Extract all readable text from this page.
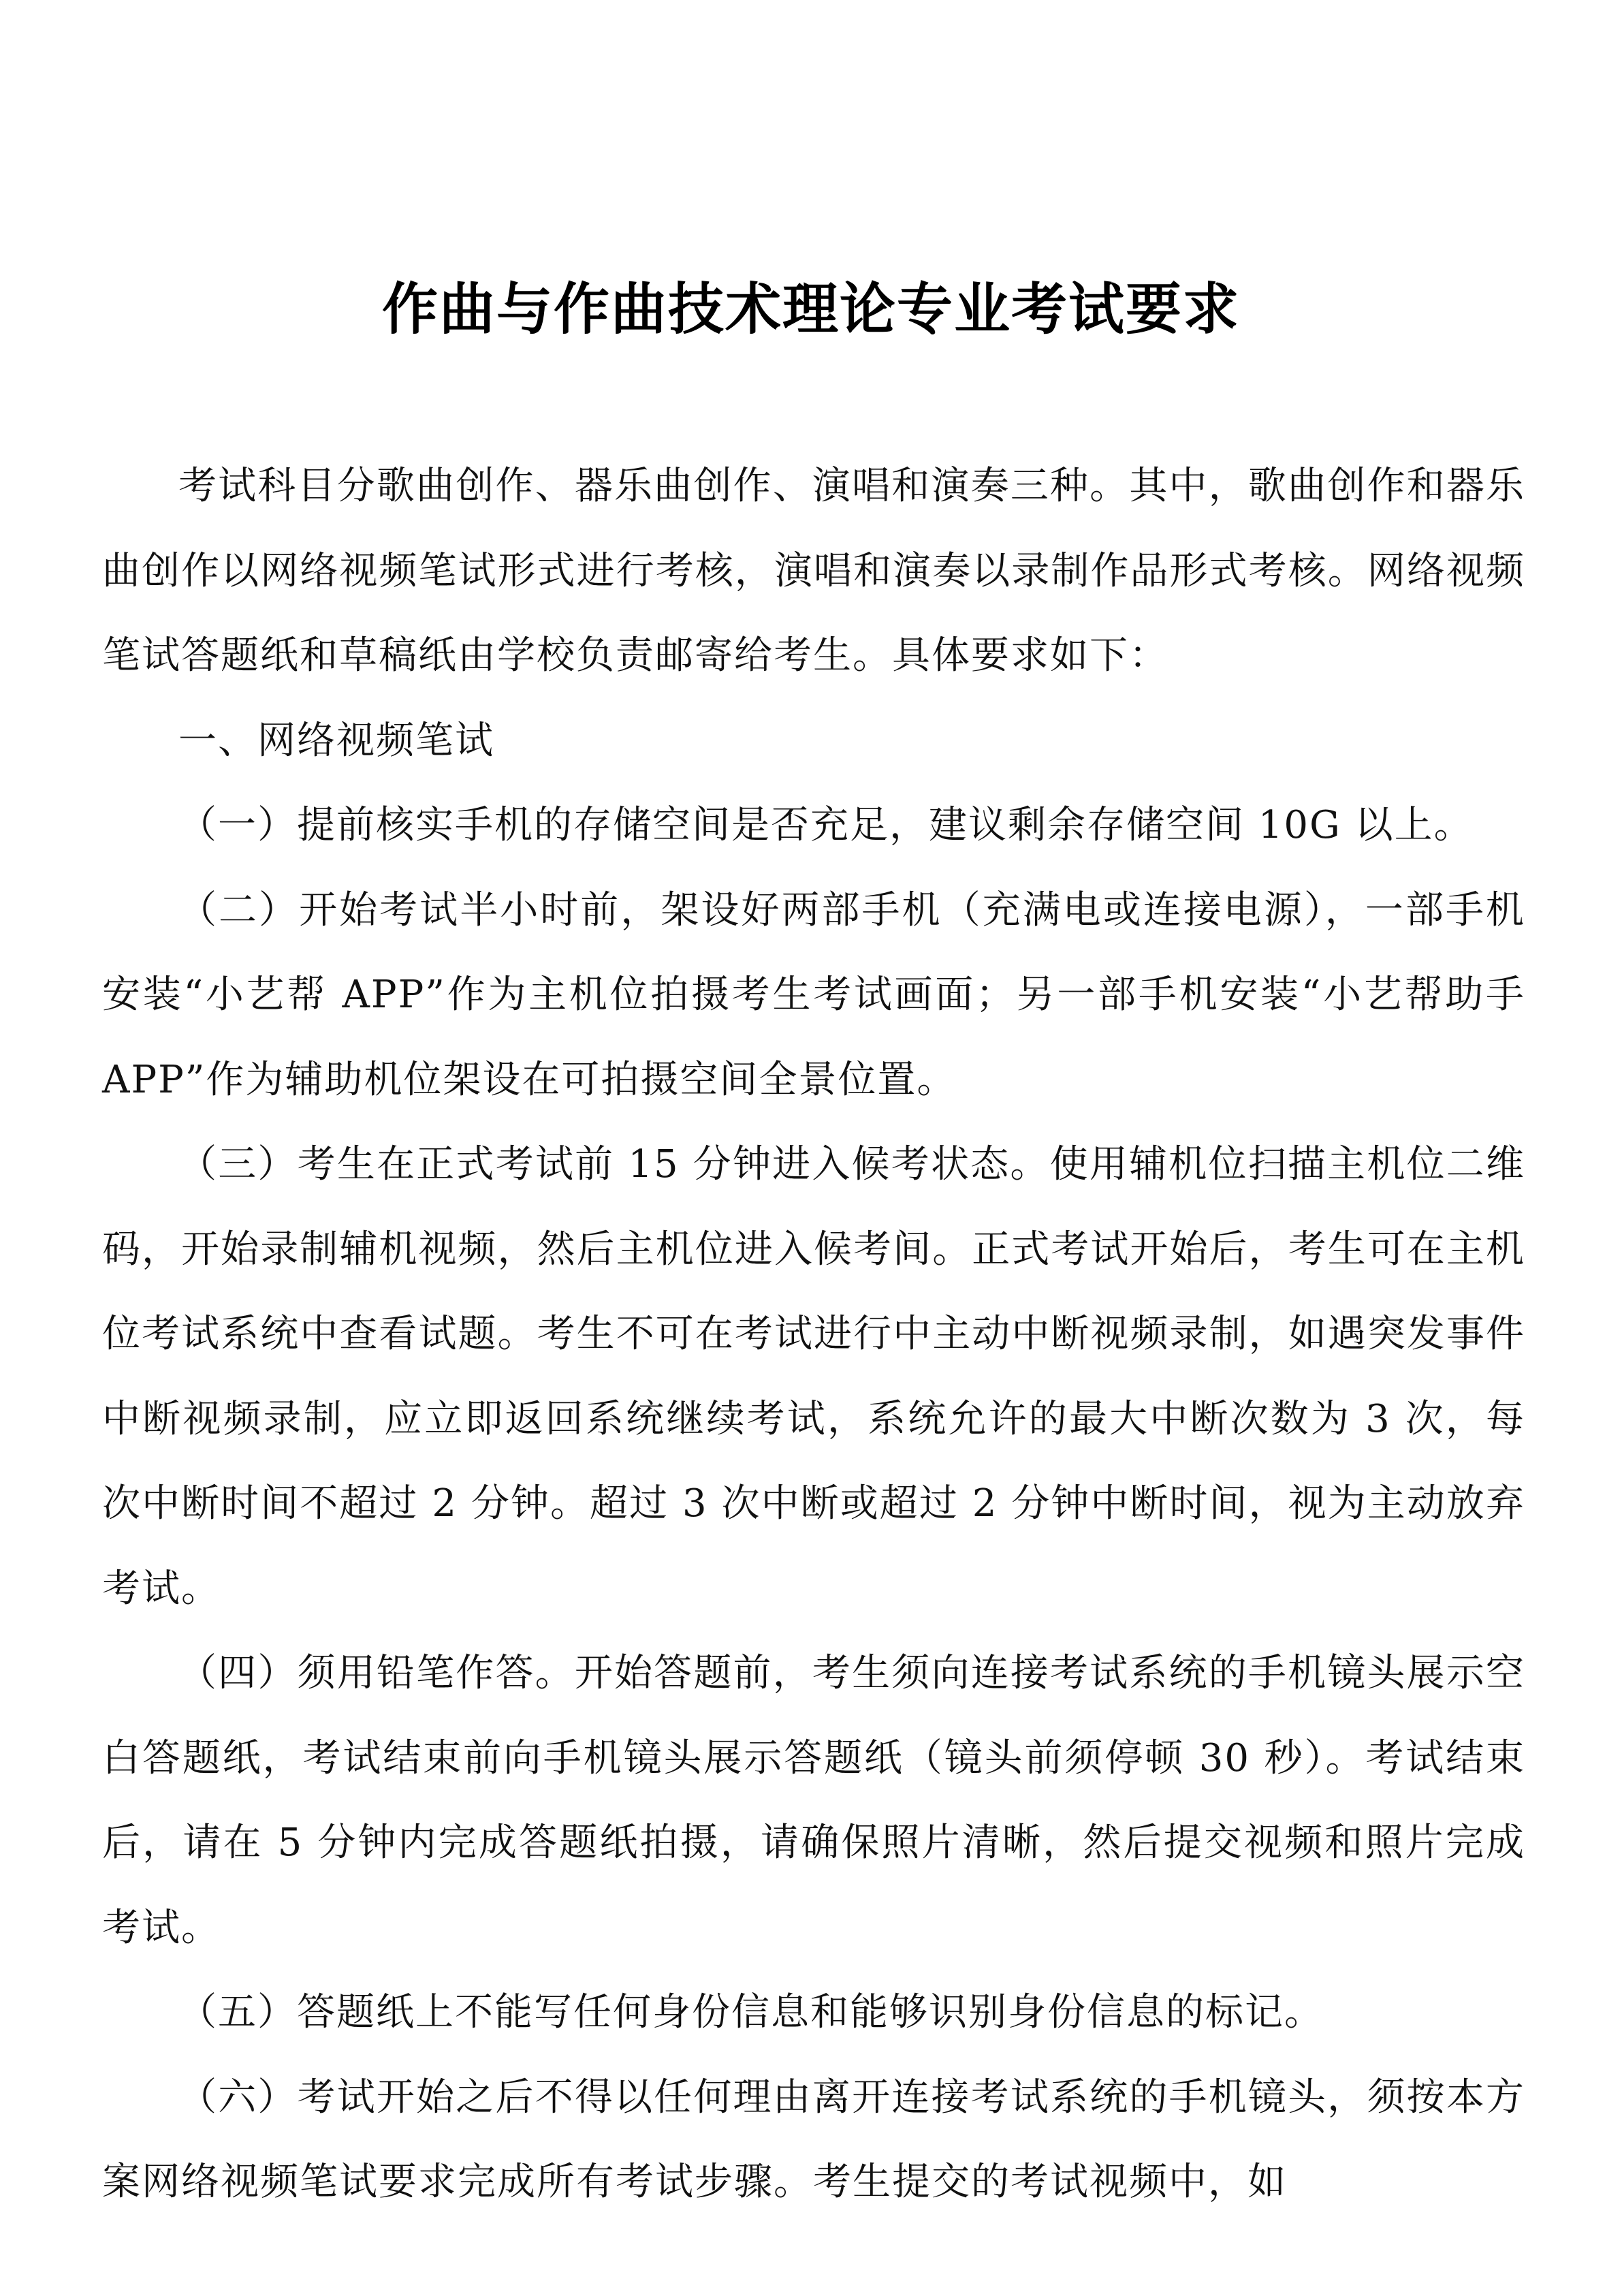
作曲与作曲技术理论专业考试要求

考试科目分歌曲创作、器乐曲创作、演唱和演奏三种。其中，歌曲创作和器乐曲创作以网络视频笔试形式进行考核，演唱和演奏以录制作品形式考核。网络视频笔试答题纸和草稿纸由学校负责邮寄给考生。具体要求如下：

一、网络视频笔试

（一）提前核实手机的存储空间是否充足，建议剩余存储空间 10G 以上。

（二）开始考试半小时前，架设好两部手机（充满电或连接电源），一部手机安装“小艺帮 APP”作为主机位拍摄考生考试画面；另一部手机安装“小艺帮助手 APP”作为辅助机位架设在可拍摄空间全景位置。

（三）考生在正式考试前 15 分钟进入候考状态。使用辅机位扫描主机位二维码，开始录制辅机视频，然后主机位进入候考间。正式考试开始后，考生可在主机位考试系统中查看试题。考生不可在考试进行中主动中断视频录制，如遇突发事件中断视频录制，应立即返回系统继续考试，系统允许的最大中断次数为 3 次，每次中断时间不超过 2 分钟。超过 3 次中断或超过 2 分钟中断时间，视为主动放弃考试。

（四）须用铅笔作答。开始答题前，考生须向连接考试系统的手机镜头展示空白答题纸，考试结束前向手机镜头展示答题纸（镜头前须停顿 30 秒）。考试结束后，请在 5 分钟内完成答题纸拍摄，请确保照片清晰，然后提交视频和照片完成考试。

（五）答题纸上不能写任何身份信息和能够识别身份信息的标记。

（六）考试开始之后不得以任何理由离开连接考试系统的手机镜头，须按本方案网络视频笔试要求完成所有考试步骤。考生提交的考试视频中，如
